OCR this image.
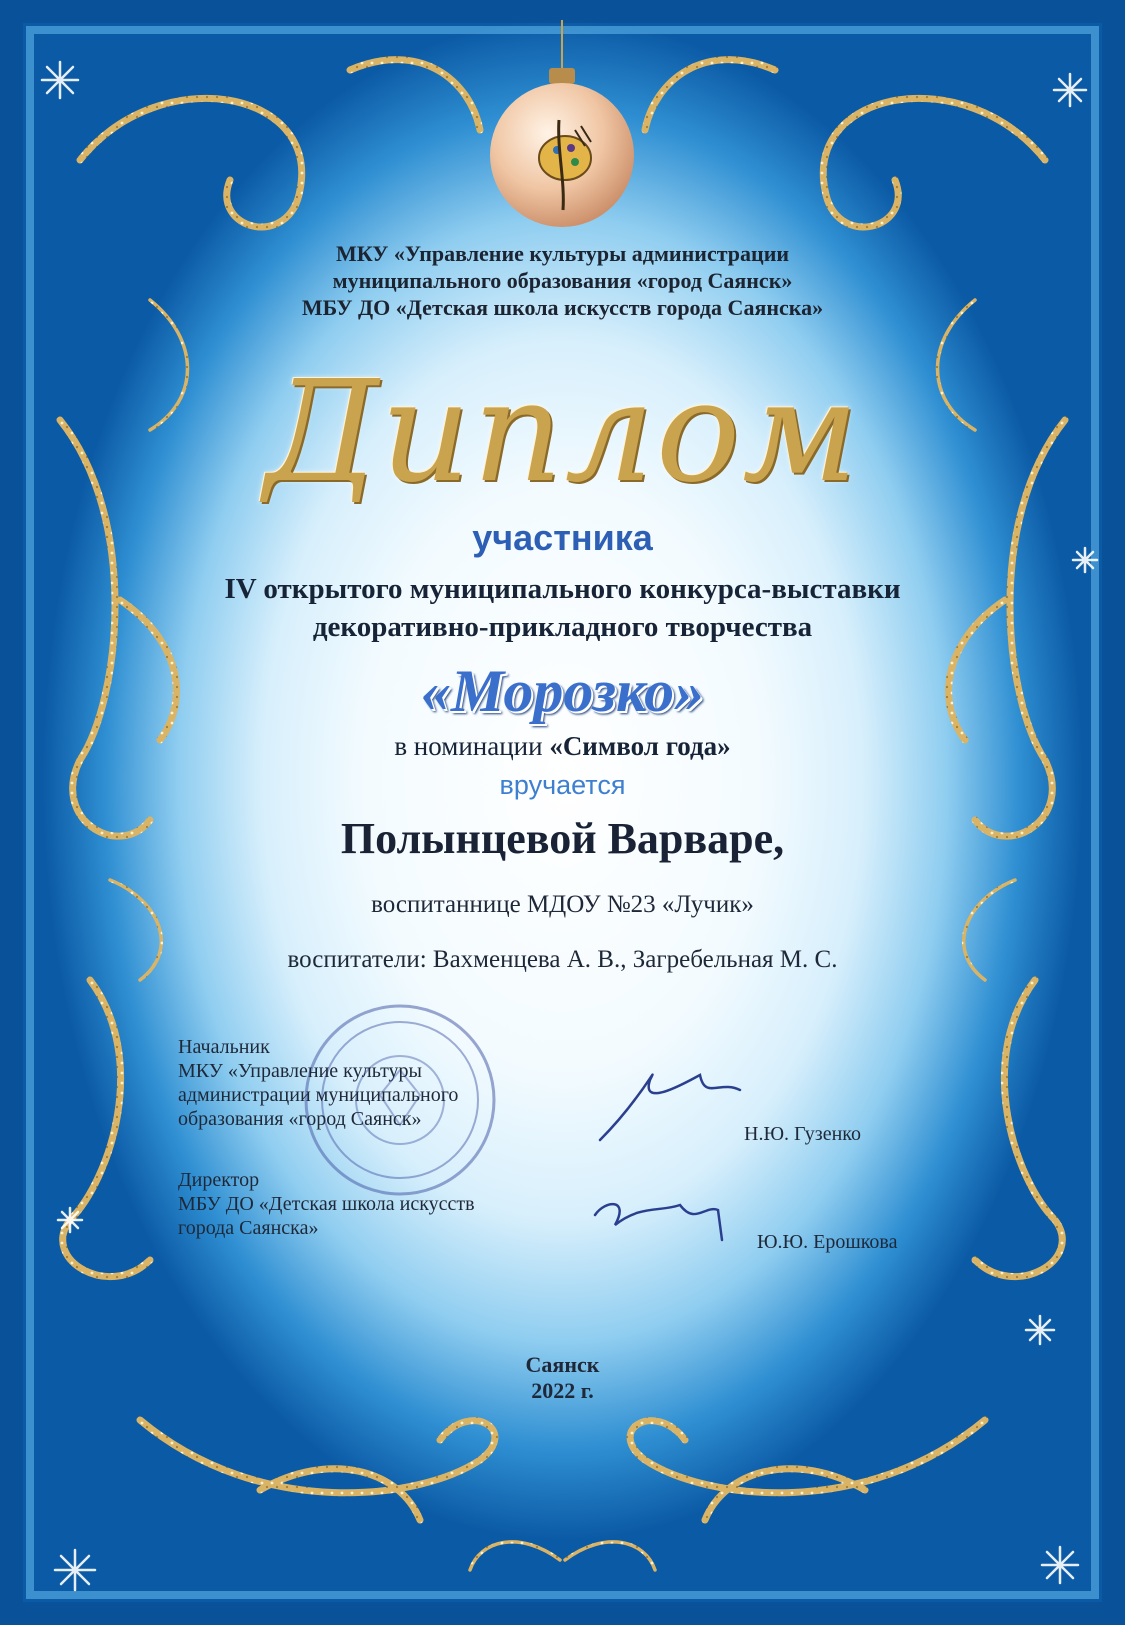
МКУ «Управление культуры администрации
муниципального образования «город Саянск»
МБУ ДО «Детская школа искусств города Саянска»
Диплом
участника
IV открытого муниципального конкурса-выставки
декоративно-прикладного творчества
«Морозко»
в номинации «Символ года»
вручается
Полынцевой Варваре,
воспитаннице МДОУ №23 «Лучик»
воспитатели: Вахменцева А. В., Загребельная М. С.
Начальник
МКУ «Управление культуры
администрации муниципального
образования «город Саянск»
Н.Ю. Гузенко
Директор
МБУ ДО «Детская школа искусств
города Саянска»
Ю.Ю. Ерошкова
Саянск
2022 г.
